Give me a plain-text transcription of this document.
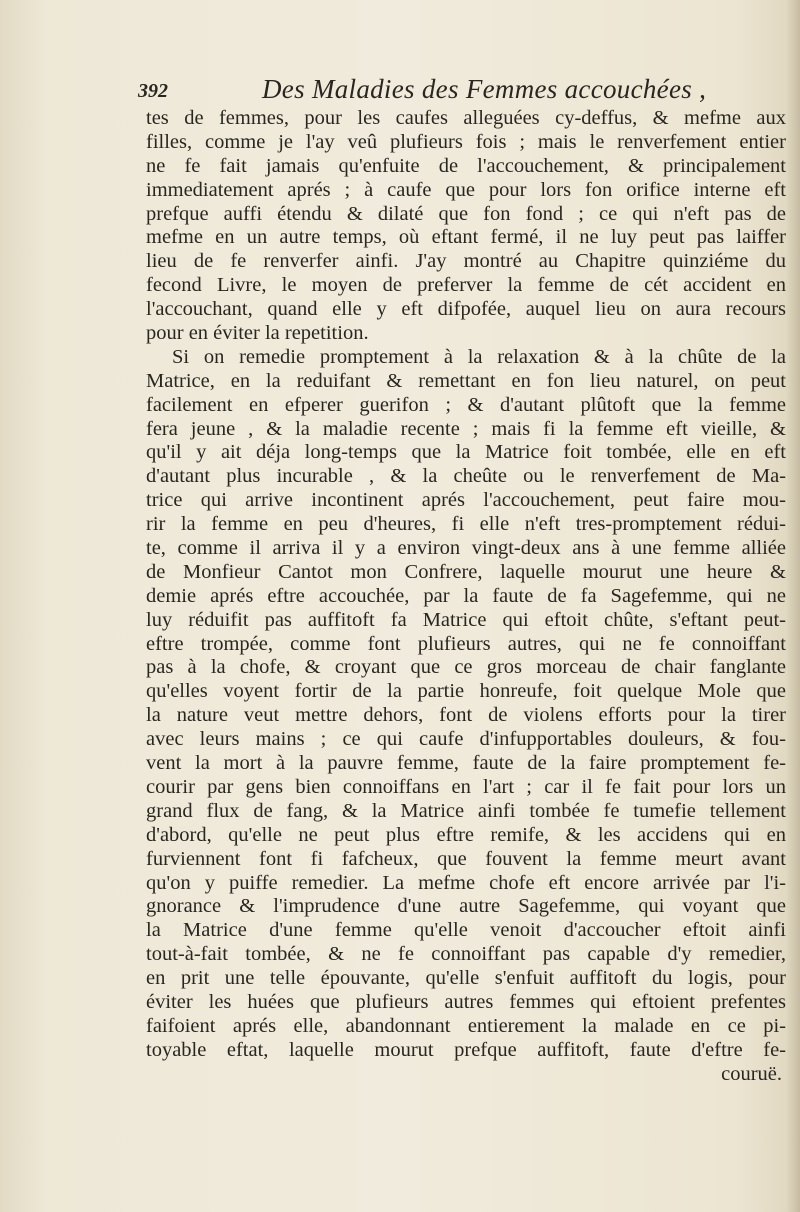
392	Des Maladies des Femmes accouchées ,
tes de femmes, pour les caufes alleguées cy-deffus, & mefme aux
filles, comme je l'ay veû plufieurs fois ; mais le renverfement entier
ne fe fait jamais qu'enfuite de l'accouchement, & principalement
immediatement aprés ; à caufe que pour lors fon orifice interne eft
prefque auffi étendu & dilaté que fon fond ; ce qui n'eft pas de
mefme en un autre temps, où eftant fermé, il ne luy peut pas laiffer
lieu de fe renverfer ainfi. J'ay montré au Chapitre quinziéme du
fecond Livre, le moyen de preferver la femme de cét accident en
l'accouchant, quand elle y eft difpofée, auquel lieu on aura recours
pour en éviter la repetition.
Si on remedie promptement à la relaxation & à la chûte de la
Matrice, en la reduifant & remettant en fon lieu naturel, on peut
facilement en efperer guerifon ; & d'autant plûtoft que la femme
fera jeune , & la maladie recente ; mais fi la femme eft vieille, &
qu'il y ait déja long-temps que la Matrice foit tombée, elle en eft
d'autant plus incurable , & la cheûte ou le renverfement de Ma-
trice qui arrive incontinent aprés l'accouchement, peut faire mou-
rir la femme en peu d'heures, fi elle n'eft tres-promptement rédui-
te, comme il arriva il y a environ vingt-deux ans à une femme alliée
de Monfieur Cantot mon Confrere, laquelle mourut une heure &
demie aprés eftre accouchée, par la faute de fa Sagefemme, qui ne
luy réduifit pas auffitoft fa Matrice qui eftoit chûte, s'eftant peut-
eftre trompée, comme font plufieurs autres, qui ne fe connoiffant
pas à la chofe, & croyant que ce gros morceau de chair fanglante
qu'elles voyent fortir de la partie honreufe, foit quelque Mole que
la nature veut mettre dehors, font de violens efforts pour la tirer
avec leurs mains ; ce qui caufe d'infupportables douleurs, & fou-
vent la mort à la pauvre femme, faute de la faire promptement fe-
courir par gens bien connoiffans en l'art ; car il fe fait pour lors un
grand flux de fang, & la Matrice ainfi tombée fe tumefie tellement
d'abord, qu'elle ne peut plus eftre remife, & les accidens qui en
furviennent font fi fafcheux, que fouvent la femme meurt avant
qu'on y puiffe remedier. La mefme chofe eft encore arrivée par l'i-
gnorance & l'imprudence d'une autre Sagefemme, qui voyant que
la Matrice d'une femme qu'elle venoit d'accoucher eftoit ainfi
tout-à-fait tombée, & ne fe connoiffant pas capable d'y remedier,
en prit une telle épouvante, qu'elle s'enfuit auffitoft du logis, pour
éviter les huées que plufieurs autres femmes qui eftoient prefentes
faifoient aprés elle, abandonnant entierement la malade en ce pi-
toyable eftat, laquelle mourut prefque auffitoft, faute d'eftre fe-
couruë.
